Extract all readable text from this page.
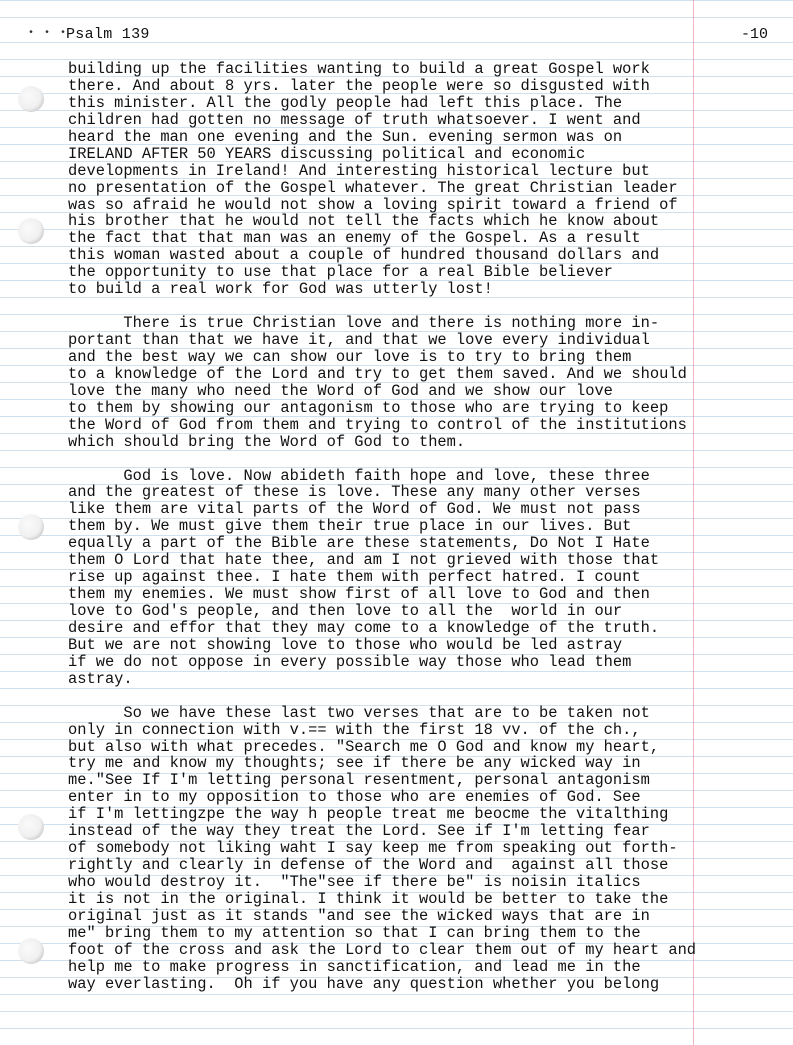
• • •
Psalm 139	-10
building up the facilities wanting to build a great Gospel work
there. And about 8 yrs. later the people were so disgusted with
this minister. All the godly people had left this place. The
children had gotten no message of truth whatsoever. I went and
heard the man one evening and the Sun. evening sermon was on
IRELAND AFTER 50 YEARS discussing political and economic
developments in Ireland! And interesting historical lecture but
no presentation of the Gospel whatever. The great Christian leader
was so afraid he would not show a loving spirit toward a friend of
his brother that he would not tell the facts which he know about
the fact that that man was an enemy of the Gospel. As a result
this woman wasted about a couple of hundred thousand dollars and
the opportunity to use that place for a real Bible believer
to build a real work for God was utterly lost!
There is true Christian love and there is nothing more in-
portant than that we have it, and that we love every individual
and the best way we can show our love is to try to bring them
to a knowledge of the Lord and try to get them saved. And we should
love the many who need the Word of God and we show our love
to them by showing our antagonism to those who are trying to keep
the Word of God from them and trying to control of the institutions
which should bring the Word of God to them.
God is love. Now abideth faith hope and love, these three
and the greatest of these is love. These any many other verses
like them are vital parts of the Word of God. We must not pass
them by. We must give them their true place in our lives. But
equally a part of the Bible are these statements, Do Not I Hate
them O Lord that hate thee, and am I not grieved with those that
rise up against thee. I hate them with perfect hatred. I count
them my enemies. We must show first of all love to God and then
love to God's people, and then love to all the  world in our
desire and effor that they may come to a knowledge of the truth.
But we are not showing love to those who would be led astray
if we do not oppose in every possible way those who lead them
astray.
So we have these last two verses that are to be taken not
only in connection with v.== with the first 18 vv. of the ch.,
but also with what precedes. "Search me O God and know my heart,
try me and know my thoughts; see if there be any wicked way in
me."See If I'm letting personal resentment, personal antagonism
enter in to my opposition to those who are enemies of God. See
if I'm lettingzpe the way h people treat me beocme the vitalthing
instead of the way they treat the Lord. See if I'm letting fear
of somebody not liking waht I say keep me from speaking out forth-
rightly and clearly in defense of the Word and  against all those
who would destroy it.  "The"see if there be" is noisin italics
it is not in the original. I think it would be better to take the
original just as it stands "and see the wicked ways that are in
me" bring them to my attention so that I can bring them to the
foot of the cross and ask the Lord to clear them out of my heart and
help me to make progress in sanctification, and lead me in the
way everlasting.  Oh if you have any question whether you belong
